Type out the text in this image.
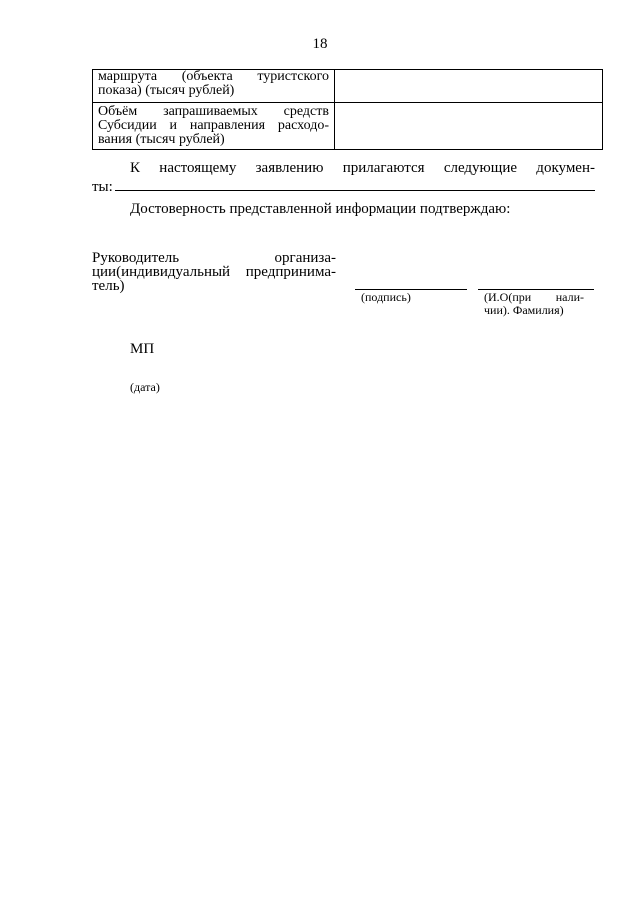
18
маршрута (объекта туристского
показа) (тысяч рублей)	

Объём запрашиваемых средств
Субсидии и направления расходо-
вания (тысяч рублей)	

К настоящему заявлению прилагаются следующие докумен-
ты:
Достоверность представленной информации подтверждаю:
Руководитель организа-
ции(индивидуальный предпринима-
тель)
(подпись)	(И.О(при нали-
чии). Фамилия)
МП
(дата)
